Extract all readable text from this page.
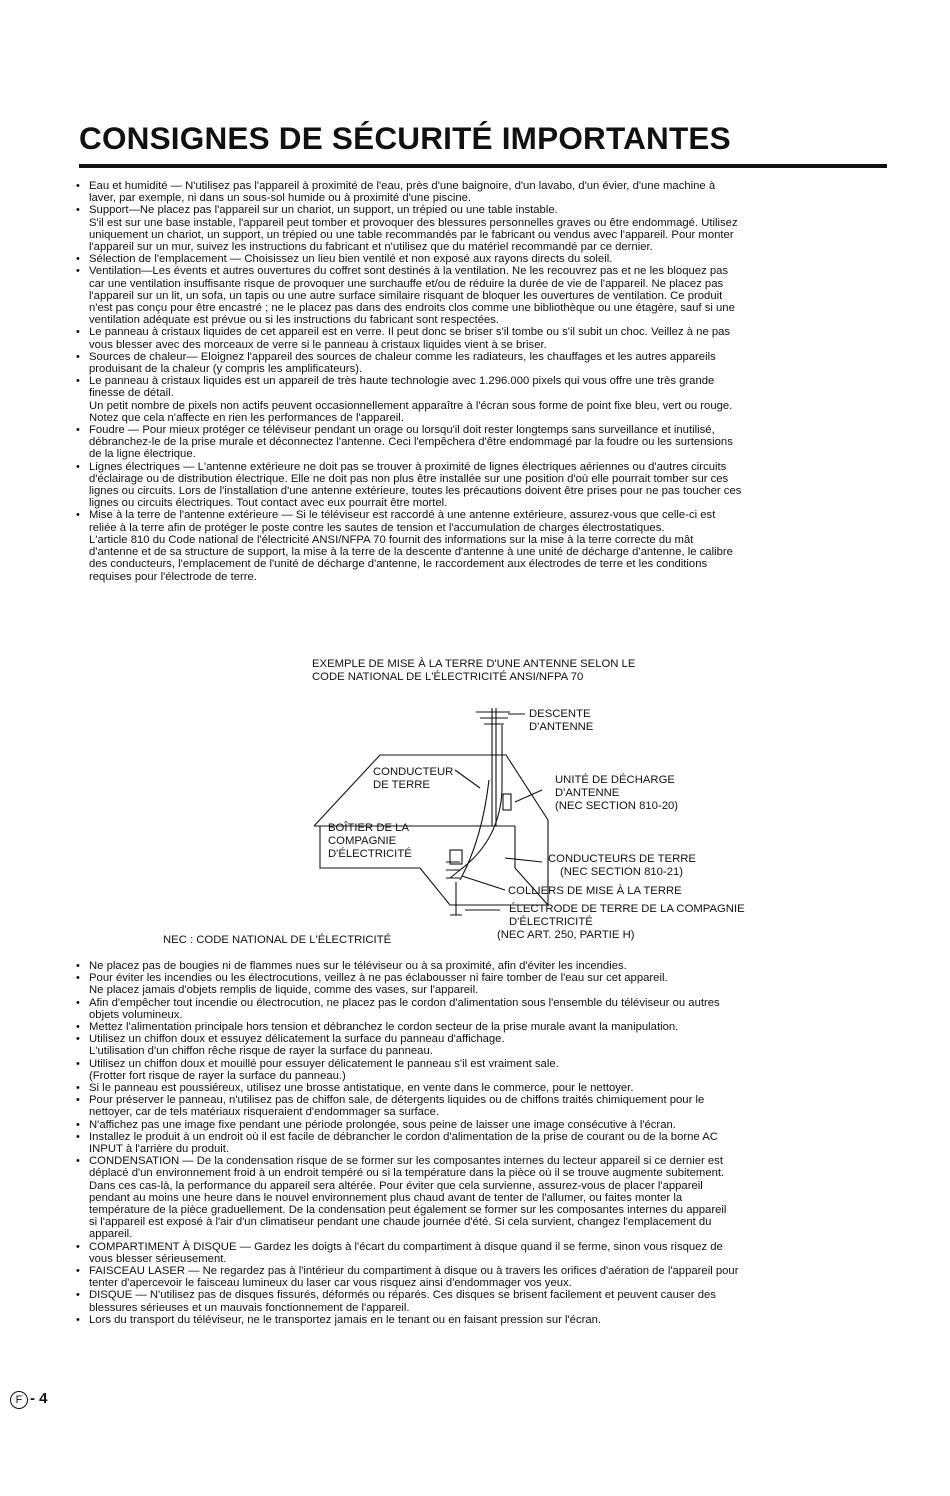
CONSIGNES DE SÉCURITÉ IMPORTANTES
• Eau et humidité — N'utilisez pas l'appareil à proximité de l'eau, près d'une baignoire, d'un lavabo, d'un évier, d'une machine à
laver, par exemple, ni dans un sous-sol humide ou à proximité d'une piscine.
• Support—Ne placez pas l'appareil sur un chariot, un support, un trépied ou une table instable.
S'il est sur une base instable, l'appareil peut tomber et provoquer des blessures personnelles graves ou être endommagé. Utilisez
uniquement un chariot, un support, un trépied ou une table recommandés par le fabricant ou vendus avec l'appareil. Pour monter
l'appareil sur un mur, suivez les instructions du fabricant et n'utilisez que du matériel recommandé par ce dernier.
• Sélection de l'emplacement — Choisissez un lieu bien ventilé et non exposé aux rayons directs du soleil.
• Ventilation—Les évents et autres ouvertures du coffret sont destinés à la ventilation. Ne les recouvrez pas et ne les bloquez pas
car une ventilation insuffisante risque de provoquer une surchauffe et/ou de réduire la durée de vie de l'appareil. Ne placez pas
l'appareil sur un lit, un sofa, un tapis ou une autre surface similaire risquant de bloquer les ouvertures de ventilation. Ce produit
n'est pas conçu pour être encastré ; ne le placez pas dans des endroits clos comme une bibliothèque ou une étagère, sauf si une
ventilation adéquate est prévue ou si les instructions du fabricant sont respectées.
• Le panneau à cristaux liquides de cet appareil est en verre. Il peut donc se briser s'il tombe ou s'il subit un choc. Veillez à ne pas
vous blesser avec des morceaux de verre si le panneau à cristaux liquides vient à se briser.
• Sources de chaleur— Eloignez l'appareil des sources de chaleur comme les radiateurs, les chauffages et les autres appareils
produisant de la chaleur (y compris les amplificateurs).
• Le panneau à cristaux liquides est un appareil de très haute technologie avec 1.296.000 pixels qui vous offre une très grande
finesse de détail.
Un petit nombre de pixels non actifs peuvent occasionnellement apparaître à l'écran sous forme de point fixe bleu, vert ou rouge.
Notez que cela n'affecte en rien les performances de l'appareil.
• Foudre — Pour mieux protéger ce téléviseur pendant un orage ou lorsqu'il doit rester longtemps sans surveillance et inutilisé,
débranchez-le de la prise murale et déconnectez l'antenne. Ceci l'empêchera d'être endommagé par la foudre ou les surtensions
de la ligne électrique.
• Lignes électriques — L'antenne extérieure ne doit pas se trouver à proximité de lignes électriques aériennes ou d'autres circuits
d'éclairage ou de distribution électrique. Elle ne doit pas non plus être installée sur une position d'où elle pourrait tomber sur ces
lignes ou circuits. Lors de l'installation d'une antenne extérieure, toutes les précautions doivent être prises pour ne pas toucher ces
lignes ou circuits électriques. Tout contact avec eux pourrait être mortel.
• Mise à la terre de l'antenne extérieure — Si le téléviseur est raccordé à une antenne extérieure, assurez-vous que celle-ci est
reliée à la terre afin de protéger le poste contre les sautes de tension et l'accumulation de charges électrostatiques.
L'article 810 du Code national de l'électricité ANSI/NFPA 70 fournit des informations sur la mise à la terre correcte du mât
d'antenne et de sa structure de support, la mise à la terre de la descente d'antenne à une unité de décharge d'antenne, le calibre
des conducteurs, l'emplacement de l'unité de décharge d'antenne, le raccordement aux électrodes de terre et les conditions
requises pour l'électrode de terre.
EXEMPLE DE MISE À LA TERRE D'UNE ANTENNE SELON LE
CODE NATIONAL DE L'ÉLECTRICITÉ ANSI/NFPA 70
DESCENTE
D'ANTENNE
CONDUCTEUR
DE TERRE	UNITÉ DE DÉCHARGE
D'ANTENNE
(NEC SECTION 810-20)
BOÎTIER DE LA
COMPAGNIE
D'ÉLECTRICITÉ	CONDUCTEURS DE TERRE
(NEC SECTION 810-21)
COLLIERS DE MISE À LA TERRE
ÉLECTRODE DE TERRE DE LA COMPAGNIE
D'ÉLECTRICITÉ
(NEC ART. 250, PARTIE H)
NEC : CODE NATIONAL DE L'ÉLECTRICITÉ
• Ne placez pas de bougies ni de flammes nues sur le téléviseur ou à sa proximité, afin d'éviter les incendies.
• Pour éviter les incendies ou les électrocutions, veillez à ne pas éclabousser ni faire tomber de l'eau sur cet appareil.
Ne placez jamais d'objets remplis de liquide, comme des vases, sur l'appareil.
• Afin d'empêcher tout incendie ou électrocution, ne placez pas le cordon d'alimentation sous l'ensemble du téléviseur ou autres
objets volumineux.
• Mettez l'alimentation principale hors tension et débranchez le cordon secteur de la prise murale avant la manipulation.
• Utilisez un chiffon doux et essuyez délicatement la surface du panneau d'affichage.
L'utilisation d'un chiffon rêche risque de rayer la surface du panneau.
• Utilisez un chiffon doux et mouillé pour essuyer délicatement le panneau s'il est vraiment sale.
(Frotter fort risque de rayer la surface du panneau.)
• Si le panneau est poussiéreux, utilisez une brosse antistatique, en vente dans le commerce, pour le nettoyer.
• Pour préserver le panneau, n'utilisez pas de chiffon sale, de détergents liquides ou de chiffons traités chimiquement pour le
nettoyer, car de tels matériaux risqueraient d'endommager sa surface.
• N'affichez pas une image fixe pendant une période prolongée, sous peine de laisser une image consécutive à l'écran.
• Installez le produit à un endroit où il est facile de débrancher le cordon d'alimentation de la prise de courant ou de la borne AC
INPUT à l'arrière du produit.
• CONDENSATION — De la condensation risque de se former sur les composantes internes du lecteur appareil si ce dernier est
déplacé d'un environnement froid à un endroit tempéré ou si la température dans la pièce où il se trouve augmente subitement.
Dans ces cas-là, la performance du appareil sera altérée. Pour éviter que cela survienne, assurez-vous de placer l'appareil
pendant au moins une heure dans le nouvel environnement plus chaud avant de tenter de l'allumer, ou faites monter la
température de la pièce graduellement. De la condensation peut également se former sur les composantes internes du appareil
si l'appareil est exposé à l'air d'un climatiseur pendant une chaude journée d'été. Si cela survient, changez l'emplacement du
appareil.
• COMPARTIMENT À DISQUE — Gardez les doigts à l'écart du compartiment à disque quand il se ferme, sinon vous risquez de
vous blesser sérieusement.
• FAISCEAU LASER — Ne regardez pas à l'intérieur du compartiment à disque ou à travers les orifices d'aération de l'appareil pour
tenter d'apercevoir le faisceau lumineux du laser car vous risquez ainsi d'endommager vos yeux.
• DISQUE — N'utilisez pas de disques fissurés, déformés ou réparés. Ces disques se brisent facilement et peuvent causer des
blessures sérieuses et un mauvais fonctionnement de l'appareil.
• Lors du transport du téléviseur, ne le transportez jamais en le tenant ou en faisant pression sur l'écran.
F - 4
